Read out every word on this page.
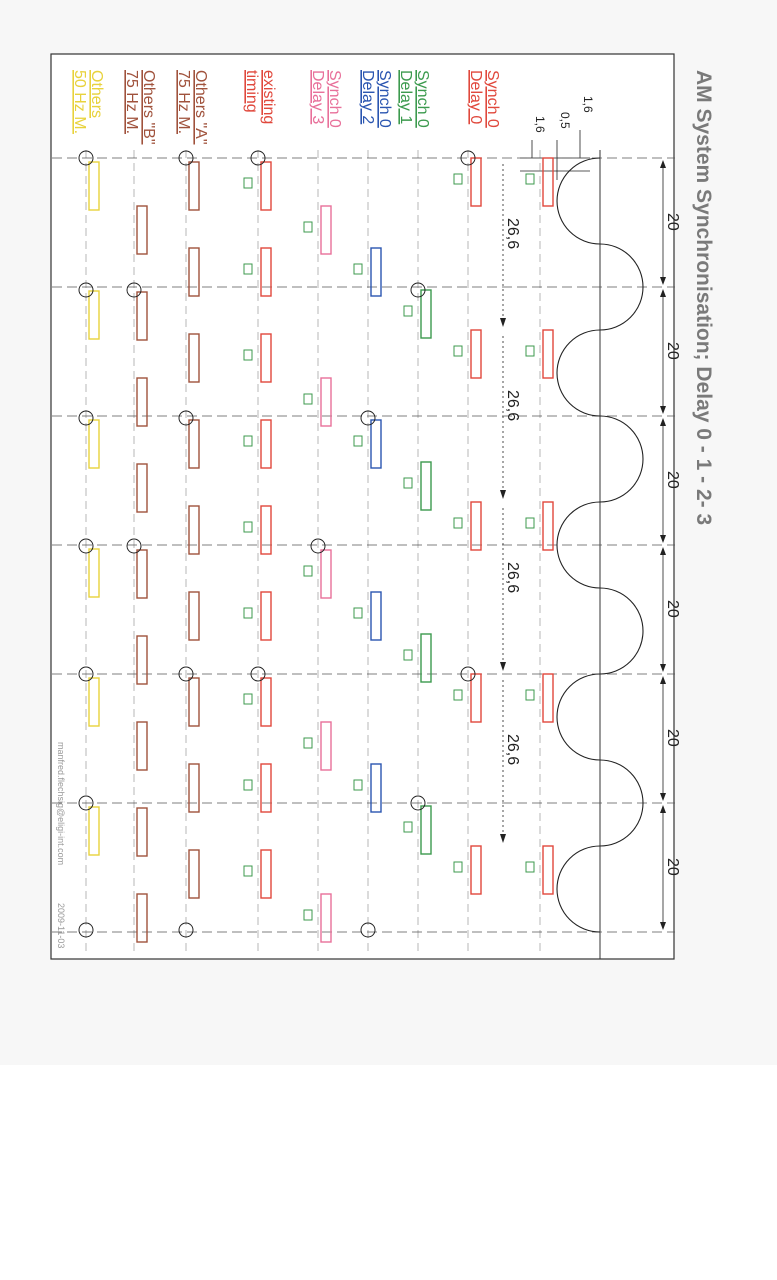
AM System Synchronisation; Delay 0 - 1 - 2- 3
1,6
0,5
1,6
20
20
20
20
20
20
26,6
26,6
26,6
26,6
Synch 0
Delay 0
Synch 0
Delay 1
Synch 0
Delay 2
Synch 0
Delay 3
existing
timing
Others "A"
75 Hz M.
Others "B"
75 Hz M.
Others
50 Hz M.
manfred.flechsig@eligi-int.com
2009-11-03
